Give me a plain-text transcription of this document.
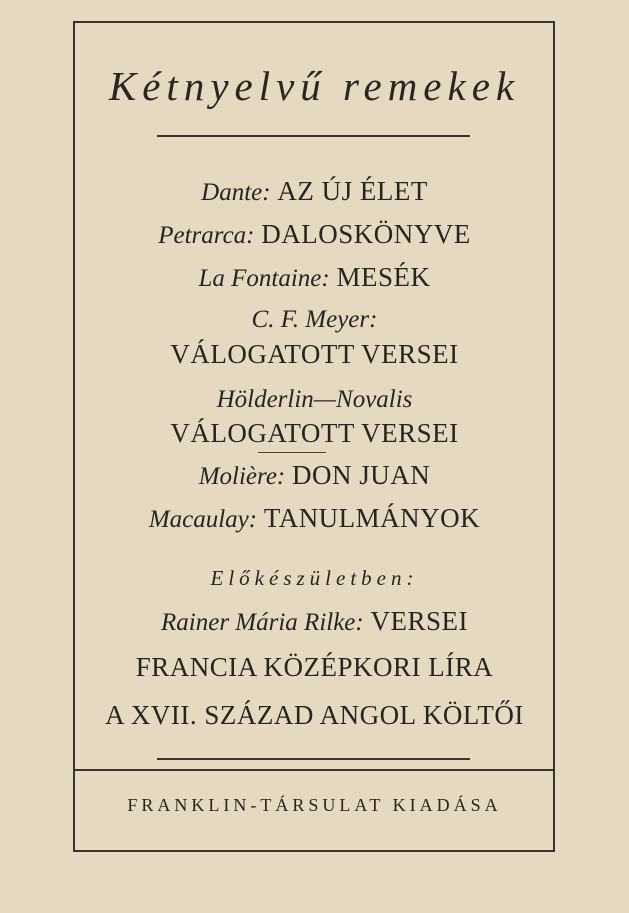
Kétnyelvű remekek
Dante: AZ ÚJ ÉLET
Petrarca: DALOSKÖNYVE
La Fontaine: MESÉK
C. F. Meyer:
VÁLOGATOTT VERSEI
Hölderlin—Novalis
VÁLOGATOTT VERSEI
Molière: DON JUAN
Macaulay: TANULMÁNYOK
Előkészületben:
Rainer Mária Rilke: VERSEI
FRANCIA KÖZÉPKORI LÍRA
A XVII. SZÁZAD ANGOL KÖLTŐI
FRANKLIN-TÁRSULAT KIADÁSA
